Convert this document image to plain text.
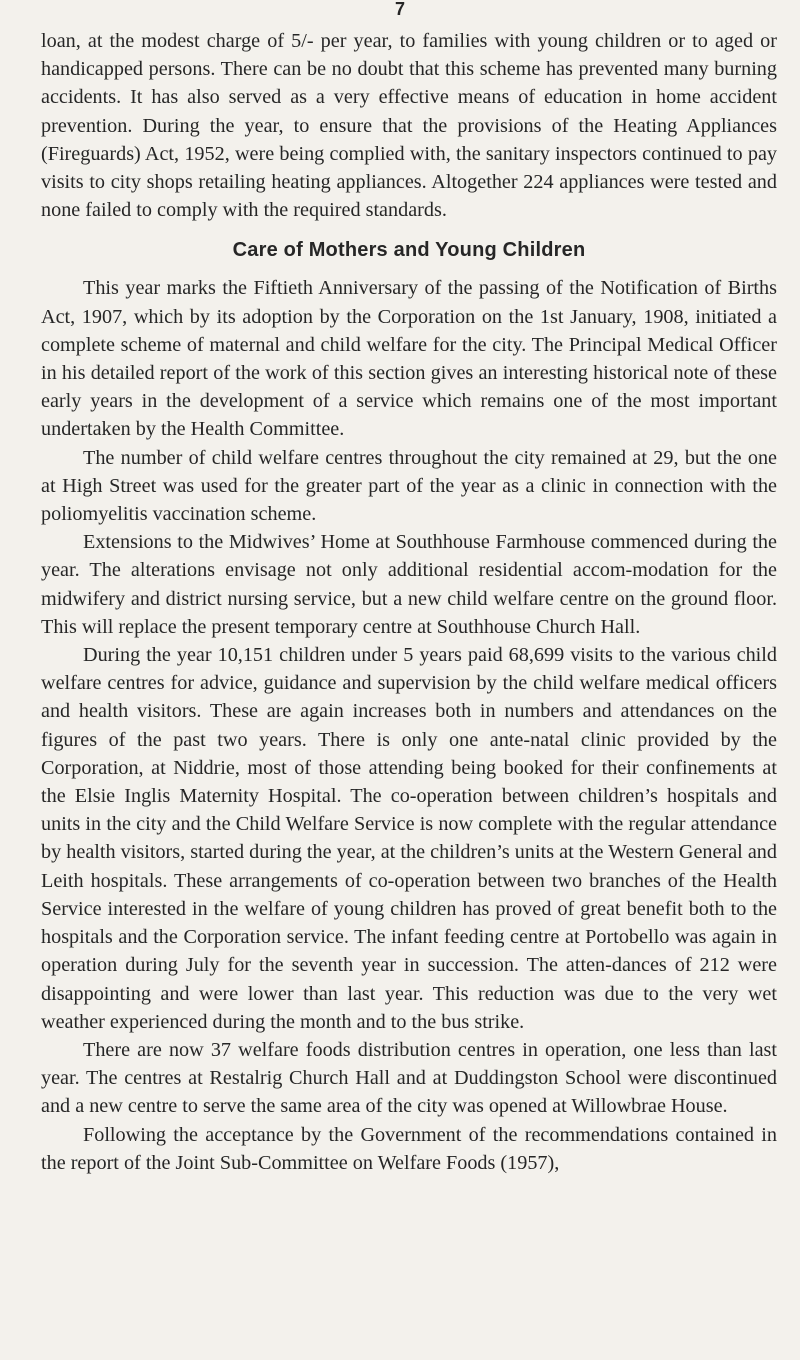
7

loan, at the modest charge of 5/- per year, to families with young children or to aged or handicapped persons. There can be no doubt that this scheme has prevented many burning accidents. It has also served as a very effective means of education in home accident prevention. During the year, to ensure that the provisions of the Heating Appliances (Fireguards) Act, 1952, were being complied with, the sanitary inspectors continued to pay visits to city shops retailing heating appliances. Altogether 224 appliances were tested and none failed to comply with the required standards.

Care of Mothers and Young Children

This year marks the Fiftieth Anniversary of the passing of the Notification of Births Act, 1907, which by its adoption by the Corporation on the 1st January, 1908, initiated a complete scheme of maternal and child welfare for the city. The Principal Medical Officer in his detailed report of the work of this section gives an interesting historical note of these early years in the development of a service which remains one of the most important undertaken by the Health Committee.

The number of child welfare centres throughout the city remained at 29, but the one at High Street was used for the greater part of the year as a clinic in connection with the poliomyelitis vaccination scheme.

Extensions to the Midwives’ Home at Southhouse Farmhouse commenced during the year. The alterations envisage not only additional residential accom-modation for the midwifery and district nursing service, but a new child welfare centre on the ground floor. This will replace the present temporary centre at Southhouse Church Hall.

During the year 10,151 children under 5 years paid 68,699 visits to the various child welfare centres for advice, guidance and supervision by the child welfare medical officers and health visitors. These are again increases both in numbers and attendances on the figures of the past two years. There is only one ante-natal clinic provided by the Corporation, at Niddrie, most of those attending being booked for their confinements at the Elsie Inglis Maternity Hospital. The co-operation between children’s hospitals and units in the city and the Child Welfare Service is now complete with the regular attendance by health visitors, started during the year, at the children’s units at the Western General and Leith hospitals. These arrangements of co-operation between two branches of the Health Service interested in the welfare of young children has proved of great benefit both to the hospitals and the Corporation service. The infant feeding centre at Portobello was again in operation during July for the seventh year in succession. The atten-dances of 212 were disappointing and were lower than last year. This reduction was due to the very wet weather experienced during the month and to the bus strike.

There are now 37 welfare foods distribution centres in operation, one less than last year. The centres at Restalrig Church Hall and at Duddingston School were discontinued and a new centre to serve the same area of the city was opened at Willowbrae House.

Following the acceptance by the Government of the recommendations contained in the report of the Joint Sub-Committee on Welfare Foods (1957),
